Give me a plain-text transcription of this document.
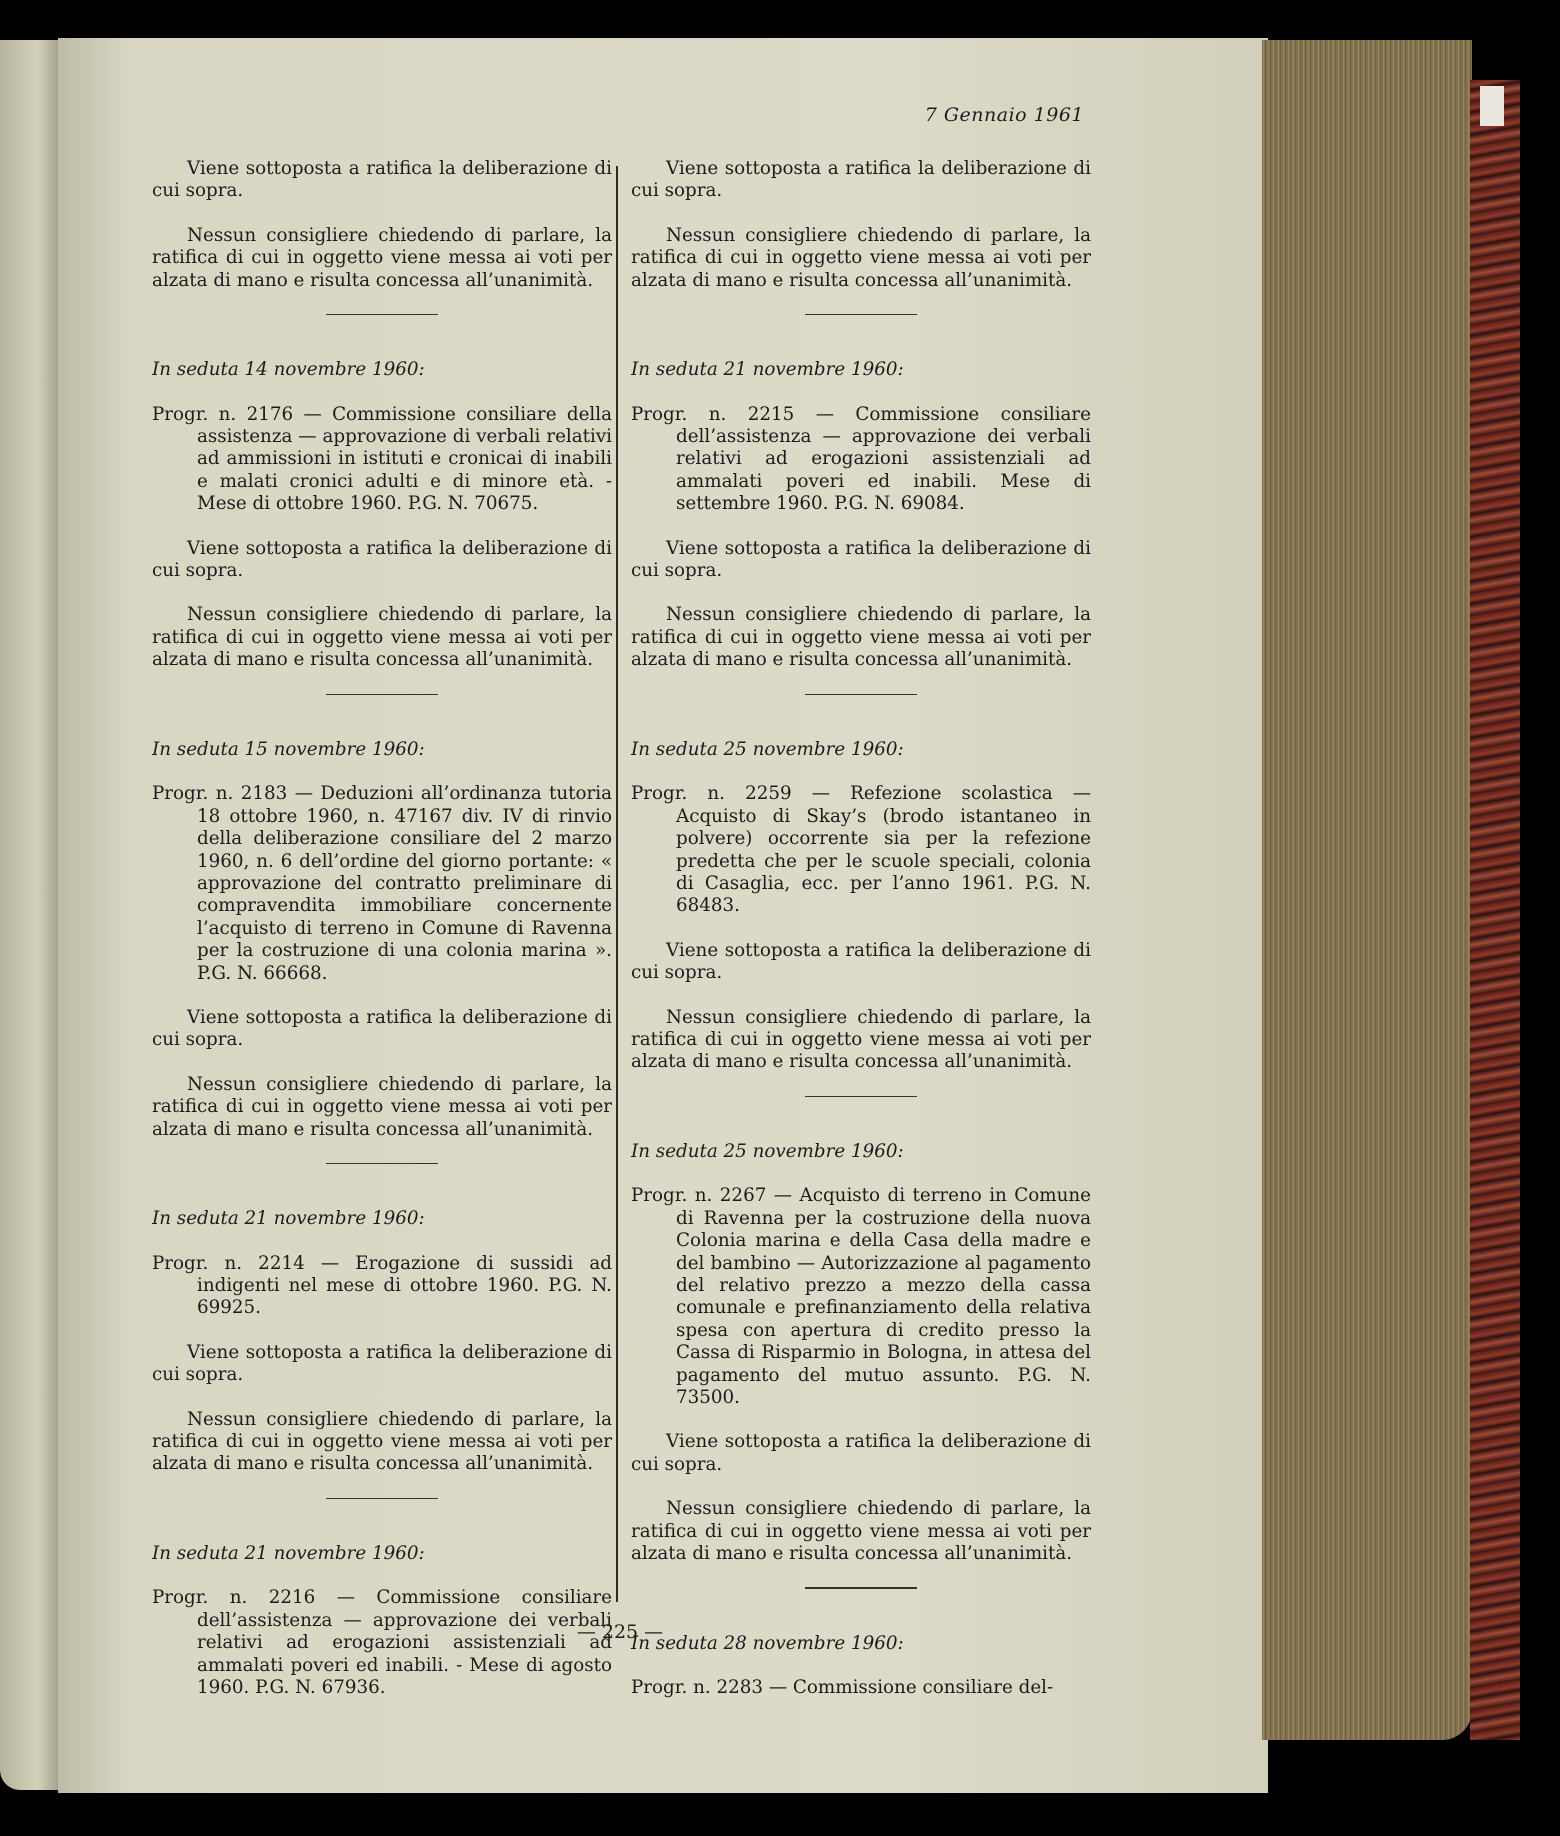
7 Gennaio 1961

Viene sottoposta a ratifica la deliberazione di cui sopra.

Nessun consigliere chiedendo di parlare, la ratifica di cui in oggetto viene messa ai voti per alzata di mano e risulta concessa all’unanimità.

In seduta 14 novembre 1960:

Progr. n. 2176 — Commissione consiliare della assistenza — approvazione di verbali relativi ad ammissioni in istituti e cronicai di inabili e malati cronici adulti e di minore età. - Mese di ottobre 1960. P.G. N. 70675.

Viene sottoposta a ratifica la deliberazione di cui sopra.

Nessun consigliere chiedendo di parlare, la ratifica di cui in oggetto viene messa ai voti per alzata di mano e risulta concessa all’unanimità.

In seduta 15 novembre 1960:

Progr. n. 2183 — Deduzioni all’ordinanza tutoria 18 ottobre 1960, n. 47167 div. IV di rinvio della deliberazione consiliare del 2 marzo 1960, n. 6 dell’ordine del giorno portante: « approvazione del contratto preliminare di compravendita immobiliare concernente l’acquisto di terreno in Comune di Ravenna per la costruzione di una colonia marina ». P.G. N. 66668.

Viene sottoposta a ratifica la deliberazione di cui sopra.

Nessun consigliere chiedendo di parlare, la ratifica di cui in oggetto viene messa ai voti per alzata di mano e risulta concessa all’unanimità.

In seduta 21 novembre 1960:

Progr. n. 2214 — Erogazione di sussidi ad indigenti nel mese di ottobre 1960. P.G. N. 69925.

Viene sottoposta a ratifica la deliberazione di cui sopra.

Nessun consigliere chiedendo di parlare, la ratifica di cui in oggetto viene messa ai voti per alzata di mano e risulta concessa all’unanimità.

In seduta 21 novembre 1960:

Progr. n. 2216 — Commissione consiliare dell’assistenza — approvazione dei verbali relativi ad erogazioni assistenziali ad ammalati poveri ed inabili. - Mese di agosto 1960. P.G. N. 67936.

Viene sottoposta a ratifica la deliberazione di cui sopra.

Nessun consigliere chiedendo di parlare, la ratifica di cui in oggetto viene messa ai voti per alzata di mano e risulta concessa all’unanimità.

In seduta 21 novembre 1960:

Progr. n. 2215 — Commissione consiliare dell’assistenza — approvazione dei verbali relativi ad erogazioni assistenziali ad ammalati poveri ed inabili. Mese di settembre 1960. P.G. N. 69084.

Viene sottoposta a ratifica la deliberazione di cui sopra.

Nessun consigliere chiedendo di parlare, la ratifica di cui in oggetto viene messa ai voti per alzata di mano e risulta concessa all’unanimità.

In seduta 25 novembre 1960:

Progr. n. 2259 — Refezione scolastica — Acquisto di Skay’s (brodo istantaneo in polvere) occorrente sia per la refezione predetta che per le scuole speciali, colonia di Casaglia, ecc. per l’anno 1961. P.G. N. 68483.

Viene sottoposta a ratifica la deliberazione di cui sopra.

Nessun consigliere chiedendo di parlare, la ratifica di cui in oggetto viene messa ai voti per alzata di mano e risulta concessa all’unanimità.

In seduta 25 novembre 1960:

Progr. n. 2267 — Acquisto di terreno in Comune di Ravenna per la costruzione della nuova Colonia marina e della Casa della madre e del bambino — Autorizzazione al pagamento del relativo prezzo a mezzo della cassa comunale e prefinanziamento della relativa spesa con apertura di credito presso la Cassa di Risparmio in Bologna, in attesa del pagamento del mutuo assunto. P.G. N. 73500.

Viene sottoposta a ratifica la deliberazione di cui sopra.

Nessun consigliere chiedendo di parlare, la ratifica di cui in oggetto viene messa ai voti per alzata di mano e risulta concessa all’unanimità.

In seduta 28 novembre 1960:

Progr. n. 2283 — Commissione consiliare del-

— 225 —
